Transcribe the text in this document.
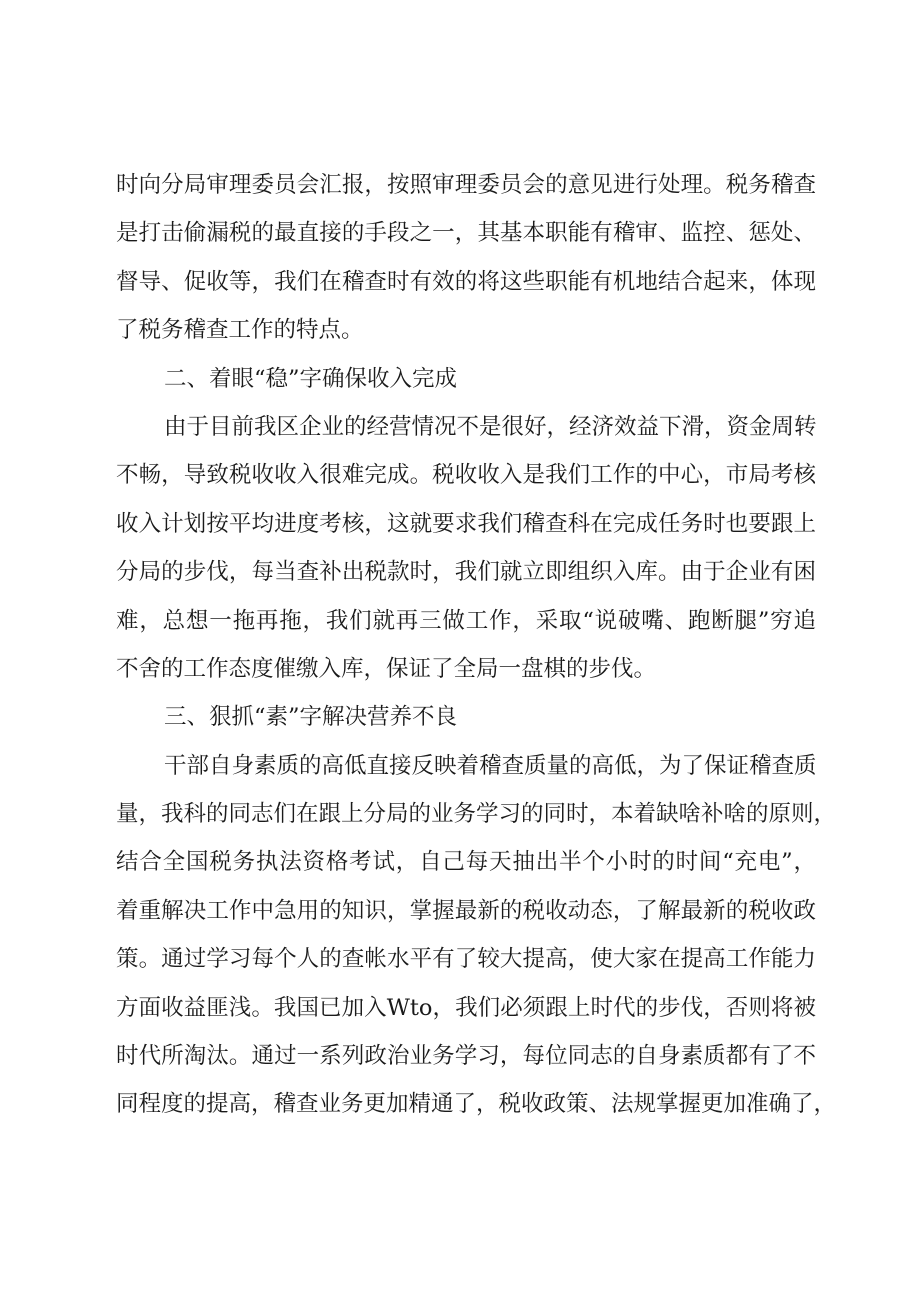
时向分局审理委员会汇报，按照审理委员会的意见进行处理。税务稽查
是打击偷漏税的最直接的手段之一，其基本职能有稽审、监控、惩处、
督导、促收等，我们在稽查时有效的将这些职能有机地结合起来，体现
了税务稽查工作的特点。
二、着眼“稳”字确保收入完成
由于目前我区企业的经营情况不是很好，经济效益下滑，资金周转
不畅，导致税收收入很难完成。税收收入是我们工作的中心，市局考核
收入计划按平均进度考核，这就要求我们稽查科在完成任务时也要跟上
分局的步伐，每当查补出税款时，我们就立即组织入库。由于企业有困
难，总想一拖再拖，我们就再三做工作，采取“说破嘴、跑断腿”穷追
不舍的工作态度催缴入库，保证了全局一盘棋的步伐。
三、狠抓“素”字解决营养不良
干部自身素质的高低直接反映着稽查质量的高低，为了保证稽查质
量，我科的同志们在跟上分局的业务学习的同时，本着缺啥补啥的原则，
结合全国税务执法资格考试，自己每天抽出半个小时的时间“充电”，
着重解决工作中急用的知识，掌握最新的税收动态，了解最新的税收政
策。通过学习每个人的查帐水平有了较大提高，使大家在提高工作能力
方面收益匪浅。我国已加入Wto，我们必须跟上时代的步伐，否则将被
时代所淘汰。通过一系列政治业务学习，每位同志的自身素质都有了不
同程度的提高，稽查业务更加精通了，税收政策、法规掌握更加准确了，
